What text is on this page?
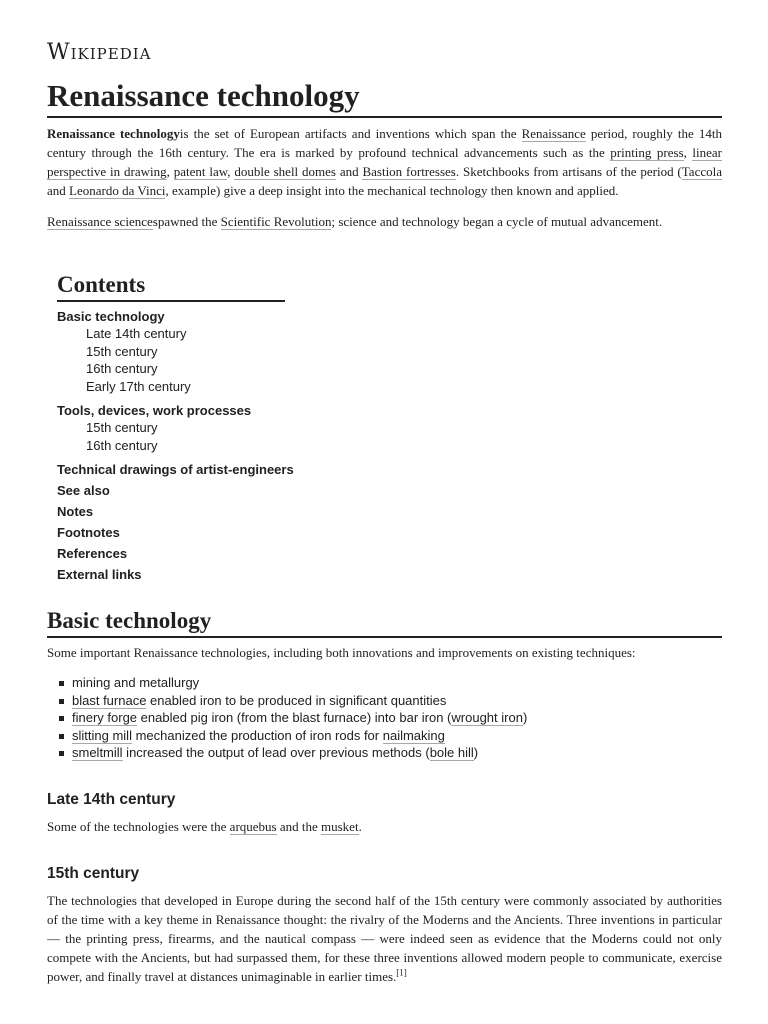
Wikipedia
Renaissance technology

Renaissance technologyis the set of European artifacts and inventions which span the Renaissance period, roughly the 14th century through the 16th century. The era is marked by profound technical advancements such as the printing press, linear perspective in drawing, patent law, double shell domes and Bastion fortresses. Sketchbooks from artisans of the period (Taccola and Leonardo da Vinci, example) give a deep insight into the mechanical technology then known and applied.

Renaissance sciencespawned the Scientific Revolution; science and technology began a cycle of mutual advancement.

Contents
Basic technology
Late 14th century
15th century
16th century
Early 17th century
Tools, devices, work processes
15th century
16th century
Technical drawings of artist-engineers
See also
Notes
Footnotes
References
External links
Basic technology

Some important Renaissance technologies, including both innovations and improvements on existing techniques:

mining and metallurgy
blast furnace enabled iron to be produced in significant quantities
finery forge enabled pig iron (from the blast furnace) into bar iron (wrought iron)
slitting mill mechanized the production of iron rods for nailmaking
smeltmill increased the output of lead over previous methods (bole hill)
Late 14th century

Some of the technologies were the arquebus and the musket.

15th century

The technologies that developed in Europe during the second half of the 15th century were commonly associated by authorities of the time with a key theme in Renaissance thought: the rivalry of the Moderns and the Ancients. Three inventions in particular — the printing press, firearms, and the nautical compass — were indeed seen as evidence that the Moderns could not only compete with the Ancients, but had surpassed them, for these three inventions allowed modern people to communicate, exercise power, and finally travel at distances unimaginable in earlier times.[1]
